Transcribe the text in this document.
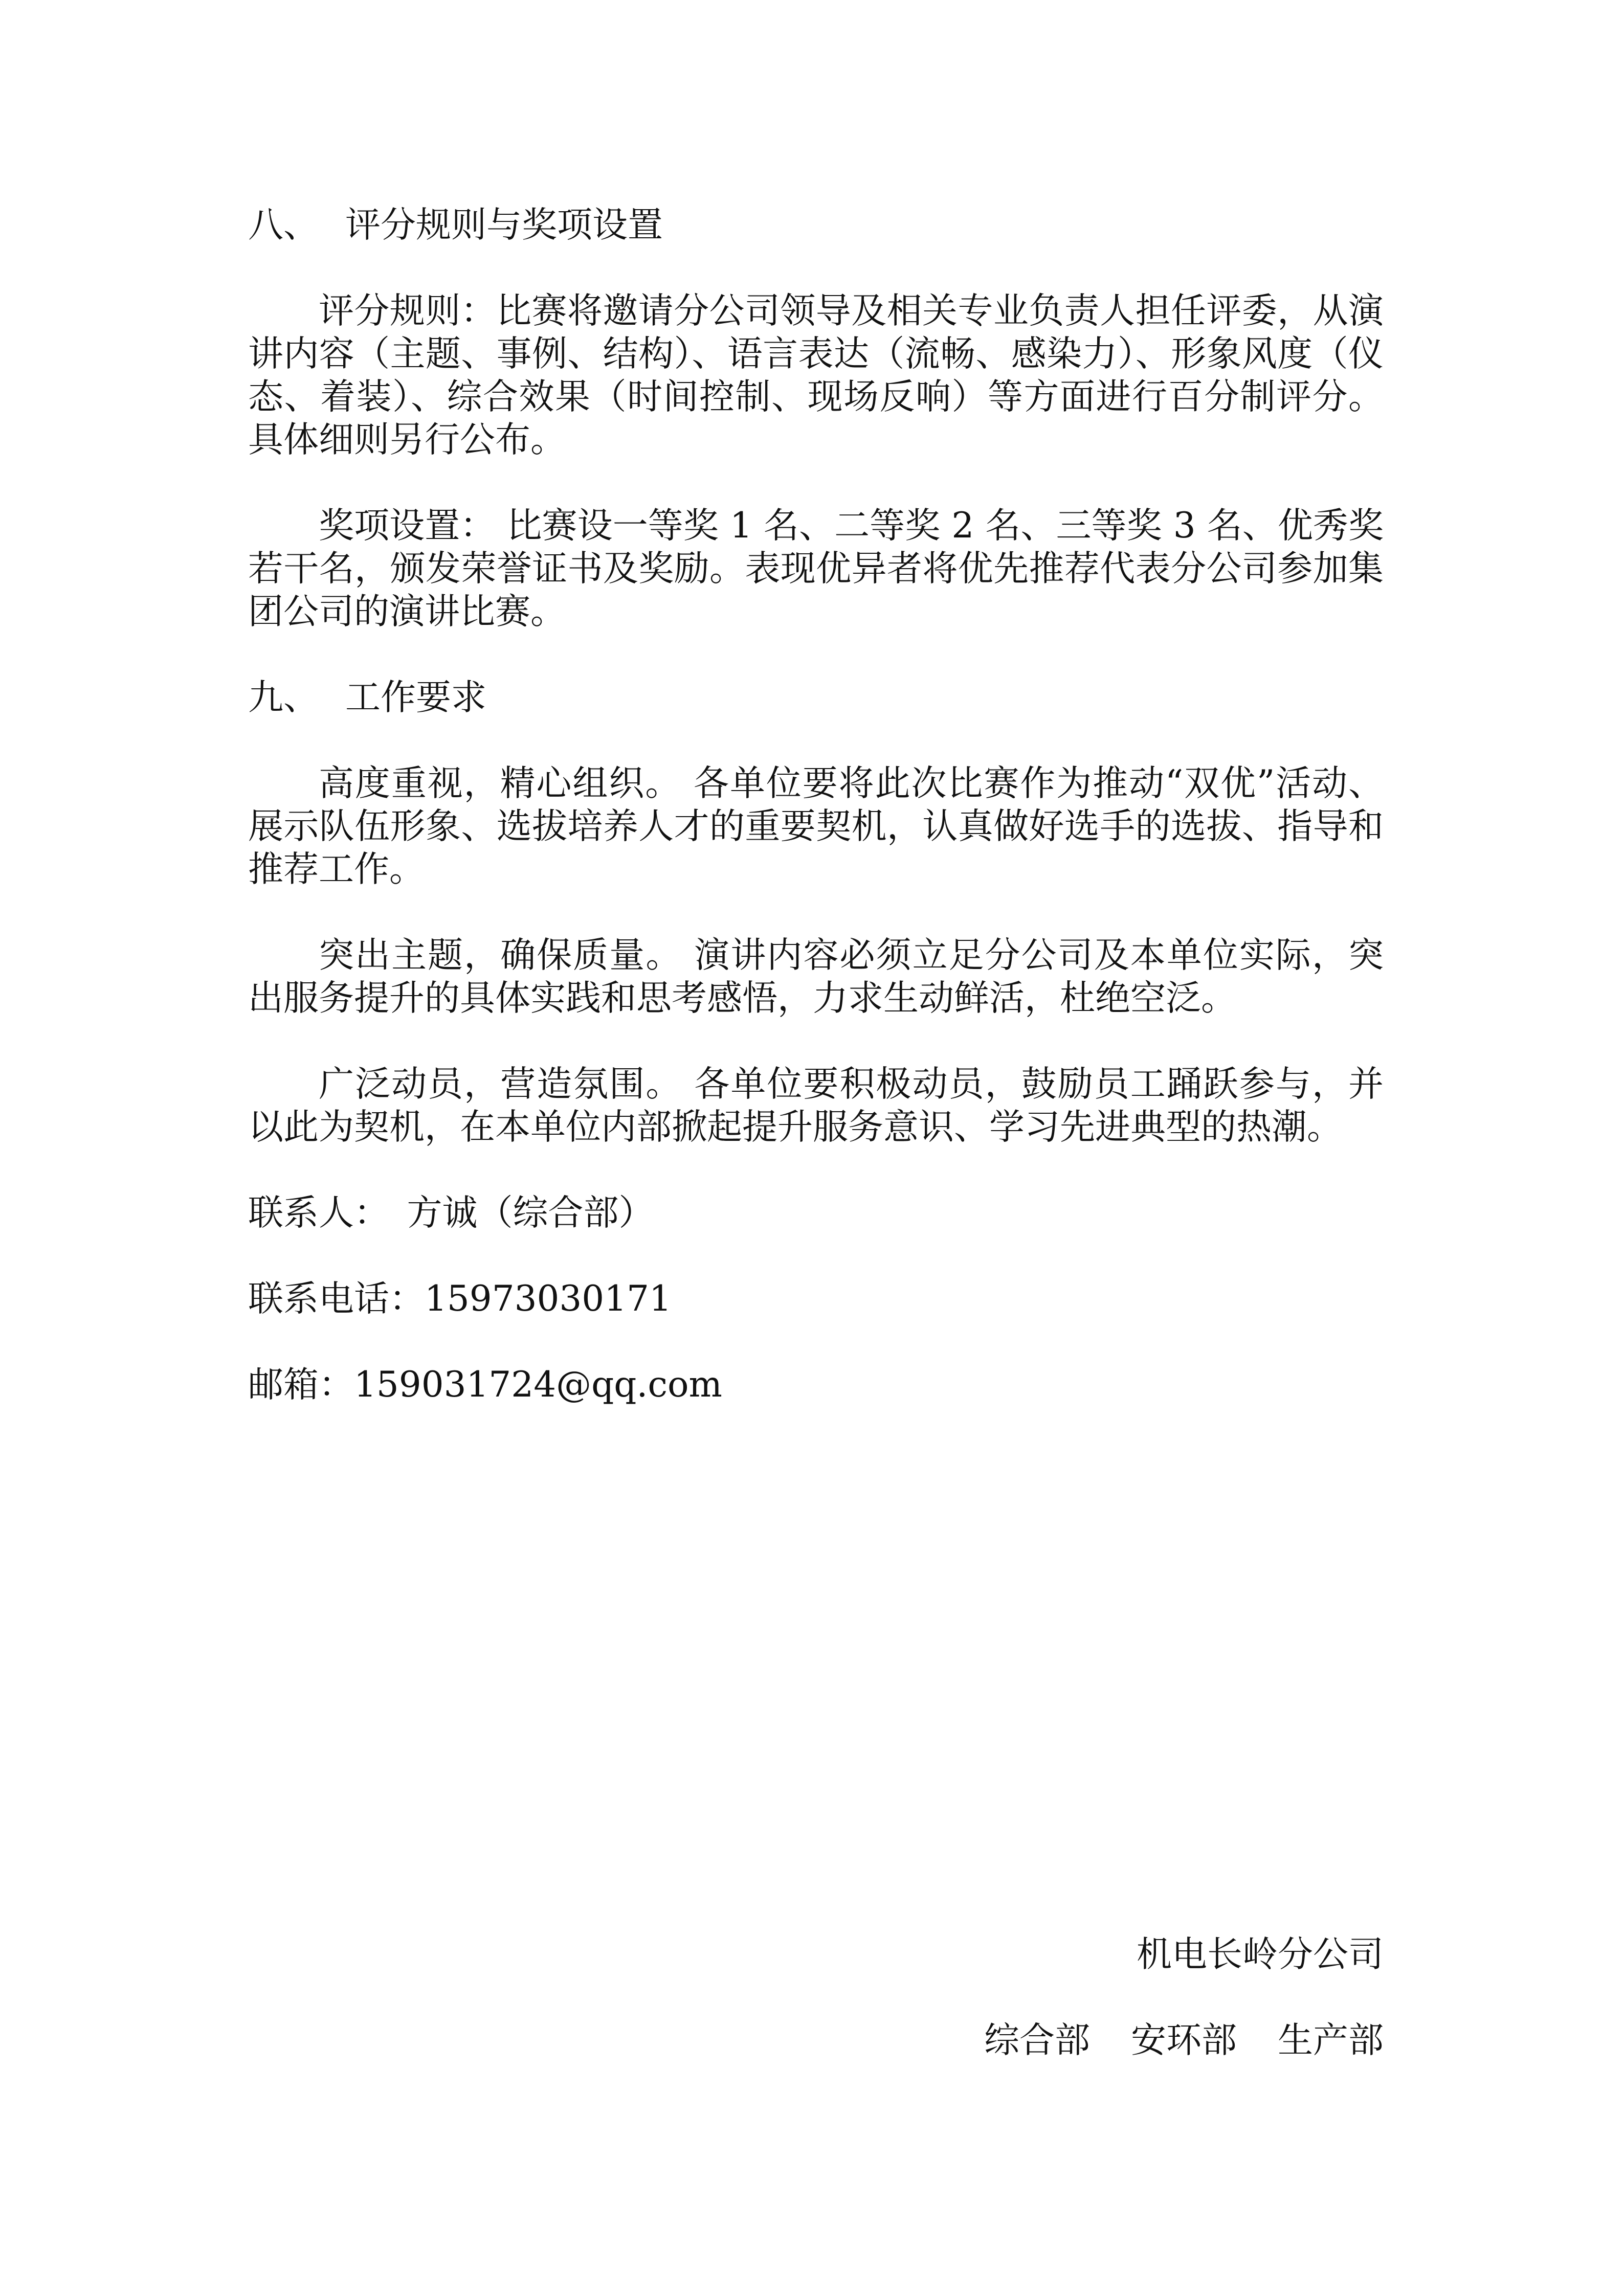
八、 评分规则与奖项设置

评分规则：比赛将邀请分公司领导及相关专业负责人担任评委，从演讲内容（主题、事例、结构）、语言表达（流畅、感染力）、形象风度（仪态、着装）、综合效果（时间控制、现场反响）等方面进行百分制评分。具体细则另行公布。

奖项设置： 比赛设一等奖 1 名、二等奖 2 名、三等奖 3 名、优秀奖若干名，颁发荣誉证书及奖励。表现优异者将优先推荐代表分公司参加集团公司的演讲比赛。

九、 工作要求

高度重视，精心组织。 各单位要将此次比赛作为推动“双优”活动、展示队伍形象、选拔培养人才的重要契机，认真做好选手的选拔、指导和推荐工作。

突出主题，确保质量。 演讲内容必须立足分公司及本单位实际，突出服务提升的具体实践和思考感悟，力求生动鲜活，杜绝空泛。

广泛动员，营造氛围。 各单位要积极动员，鼓励员工踊跃参与，并以此为契机，在本单位内部掀起提升服务意识、学习先进典型的热潮。

联系人：　方诚（综合部）

联系电话：15973030171

邮箱：159031724@qq.com

机电长岭分公司
综合部 安环部 生产部
